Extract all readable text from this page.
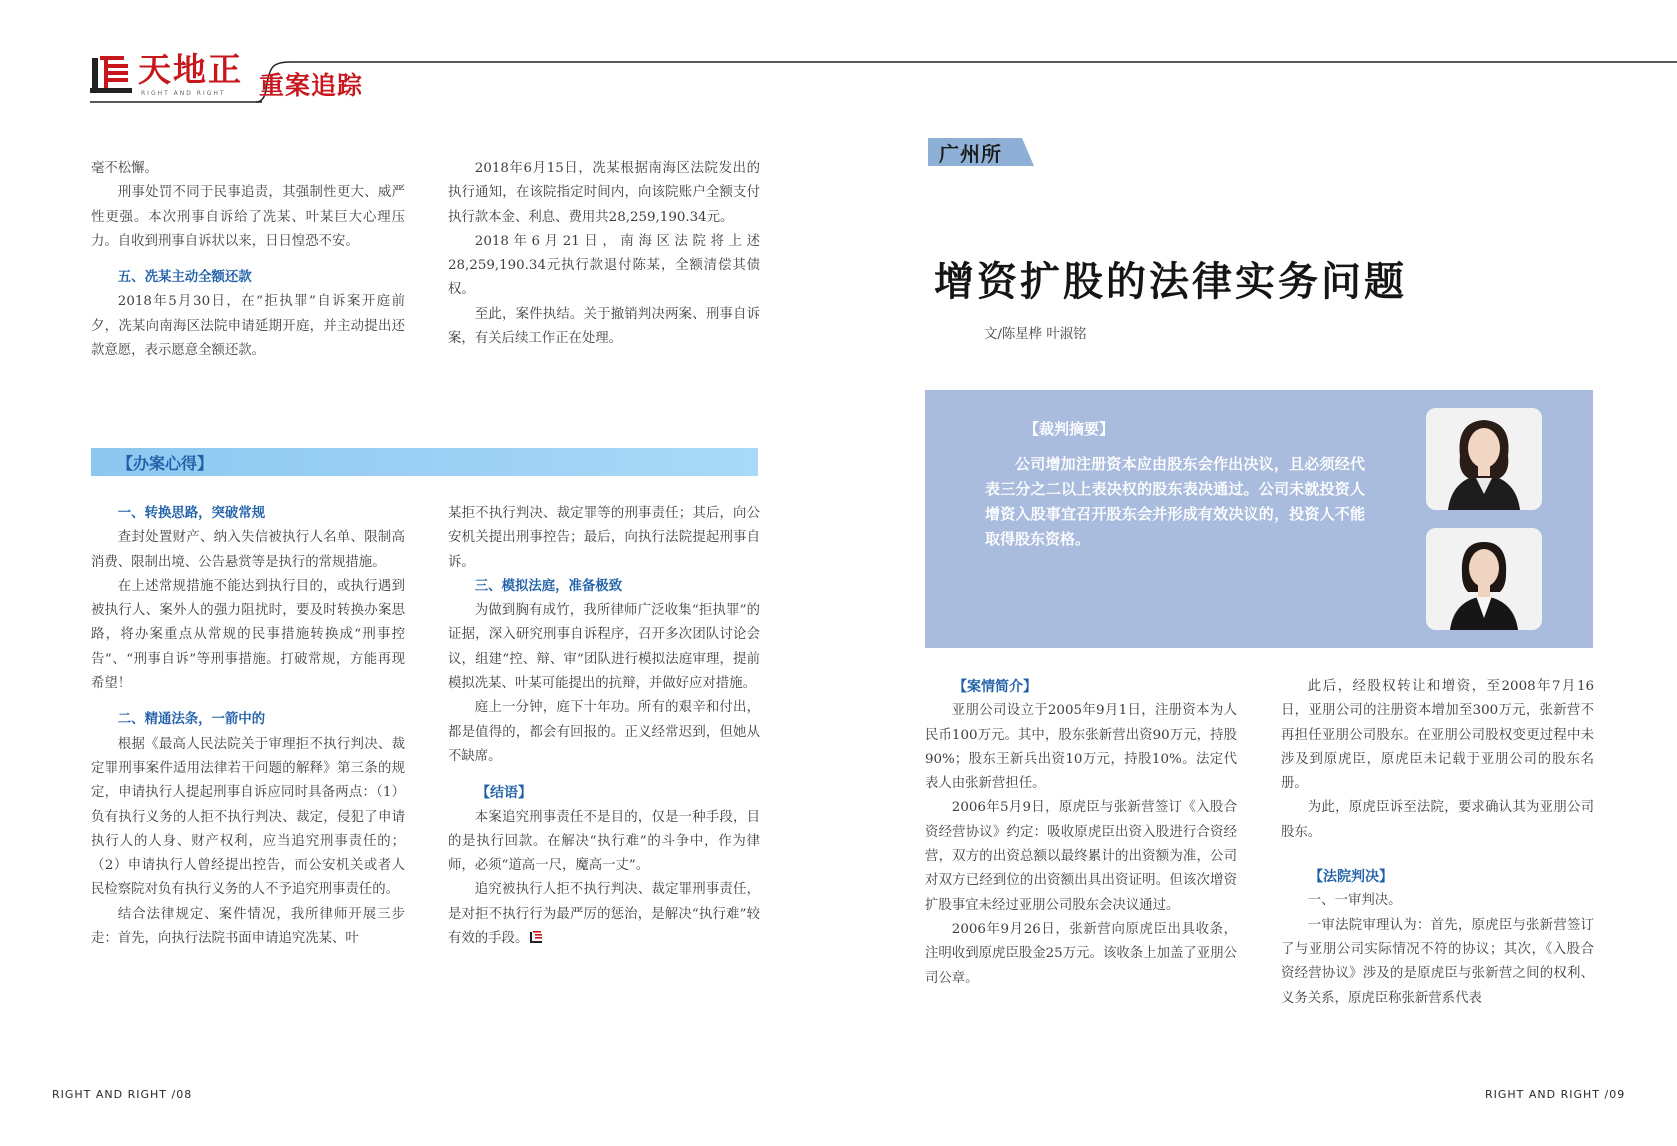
天地正
RIGHT AND RIGHT 重案追踪

毫不松懈。

刑事处罚不同于民事追责，其强制性更大、威严性更强。本次刑事自诉给了冼某、叶某巨大心理压力。自收到刑事自诉状以来，日日惶恐不安。

五、冼某主动全额还款

2018年5月30日，在“拒执罪”自诉案开庭前夕，冼某向南海区法院申请延期开庭，并主动提出还款意愿，表示愿意全额还款。

2018年6月15日，冼某根据南海区法院发出的执行通知，在该院指定时间内，向该院账户全额支付执行款本金、利息、费用共28,259,190.34元。

2018年6月21日，南海区法院将上述28,259,190.34元执行款退付陈某，全额清偿其债权。

至此，案件执结。关于撤销判决两案、刑事自诉案，有关后续工作正在处理。

【办案心得】
一、转换思路，突破常规

查封处置财产、纳入失信被执行人名单、限制高消费、限制出境、公告悬赏等是执行的常规措施。

在上述常规措施不能达到执行目的，或执行遇到被执行人、案外人的强力阻扰时，要及时转换办案思路，将办案重点从常规的民事措施转换成“刑事控告”、“刑事自诉”等刑事措施。打破常规，方能再现希望！

二、精通法条，一箭中的

根据《最高人民法院关于审理拒不执行判决、裁定罪刑事案件适用法律若干问题的解释》第三条的规定，申请执行人提起刑事自诉应同时具备两点：（1）负有执行义务的人拒不执行判决、裁定，侵犯了申请执行人的人身、财产权利，应当追究刑事责任的；（2）申请执行人曾经提出控告，而公安机关或者人民检察院对负有执行义务的人不予追究刑事责任的。

结合法律规定、案件情况，我所律师开展三步走：首先，向执行法院书面申请追究冼某、叶

某拒不执行判决、裁定罪等的刑事责任；其后，向公安机关提出刑事控告；最后，向执行法院提起刑事自诉。

三、模拟法庭，准备极致

为做到胸有成竹，我所律师广泛收集“拒执罪”的证据，深入研究刑事自诉程序，召开多次团队讨论会议，组建“控、辩、审”团队进行模拟法庭审理，提前模拟冼某、叶某可能提出的抗辩，并做好应对措施。

庭上一分钟，庭下十年功。所有的艰辛和付出，都是值得的，都会有回报的。正义经常迟到，但她从不缺席。

【结语】

本案追究刑事责任不是目的，仅是一种手段，目的是执行回款。在解决“执行难”的斗争中，作为律师，必须“道高一尺，魔高一丈”。

追究被执行人拒不执行判决、裁定罪刑事责任，是对拒不执行行为最严厉的惩治，是解决“执行难”较有效的手段。

RIGHT AND RIGHT /08
广州所
增资扩股的法律实务问题
文/陈星桦 叶淑铭
【裁判摘要】
公司增加注册资本应由股东会作出决议，且必须经代表三分之二以上表决权的股东表决通过。公司未就投资人增资入股事宜召开股东会并形成有效决议的，投资人不能取得股东资格。
【案情简介】

亚朋公司设立于2005年9月1日，注册资本为人民币100万元。其中，股东张新营出资90万元，持股90%；股东王新兵出资10万元，持股10%。法定代表人由张新营担任。

2006年5月9日，原虎臣与张新营签订《入股合资经营协议》约定：吸收原虎臣出资入股进行合资经营，双方的出资总额以最终累计的出资额为准，公司对双方已经到位的出资额出具出资证明。但该次增资扩股事宜未经过亚朋公司股东会决议通过。

2006年9月26日，张新营向原虎臣出具收条，注明收到原虎臣股金25万元。该收条上加盖了亚朋公司公章。

此后，经股权转让和增资，至2008年7月16日，亚朋公司的注册资本增加至300万元，张新营不再担任亚朋公司股东。在亚朋公司股权变更过程中未涉及到原虎臣，原虎臣未记载于亚朋公司的股东名册。

为此，原虎臣诉至法院，要求确认其为亚朋公司股东。

【法院判决】

一、一审判决。

一审法院审理认为：首先，原虎臣与张新营签订了与亚朋公司实际情况不符的协议；其次，《入股合资经营协议》涉及的是原虎臣与张新营之间的权利、义务关系，原虎臣称张新营系代表

RIGHT AND RIGHT /09
